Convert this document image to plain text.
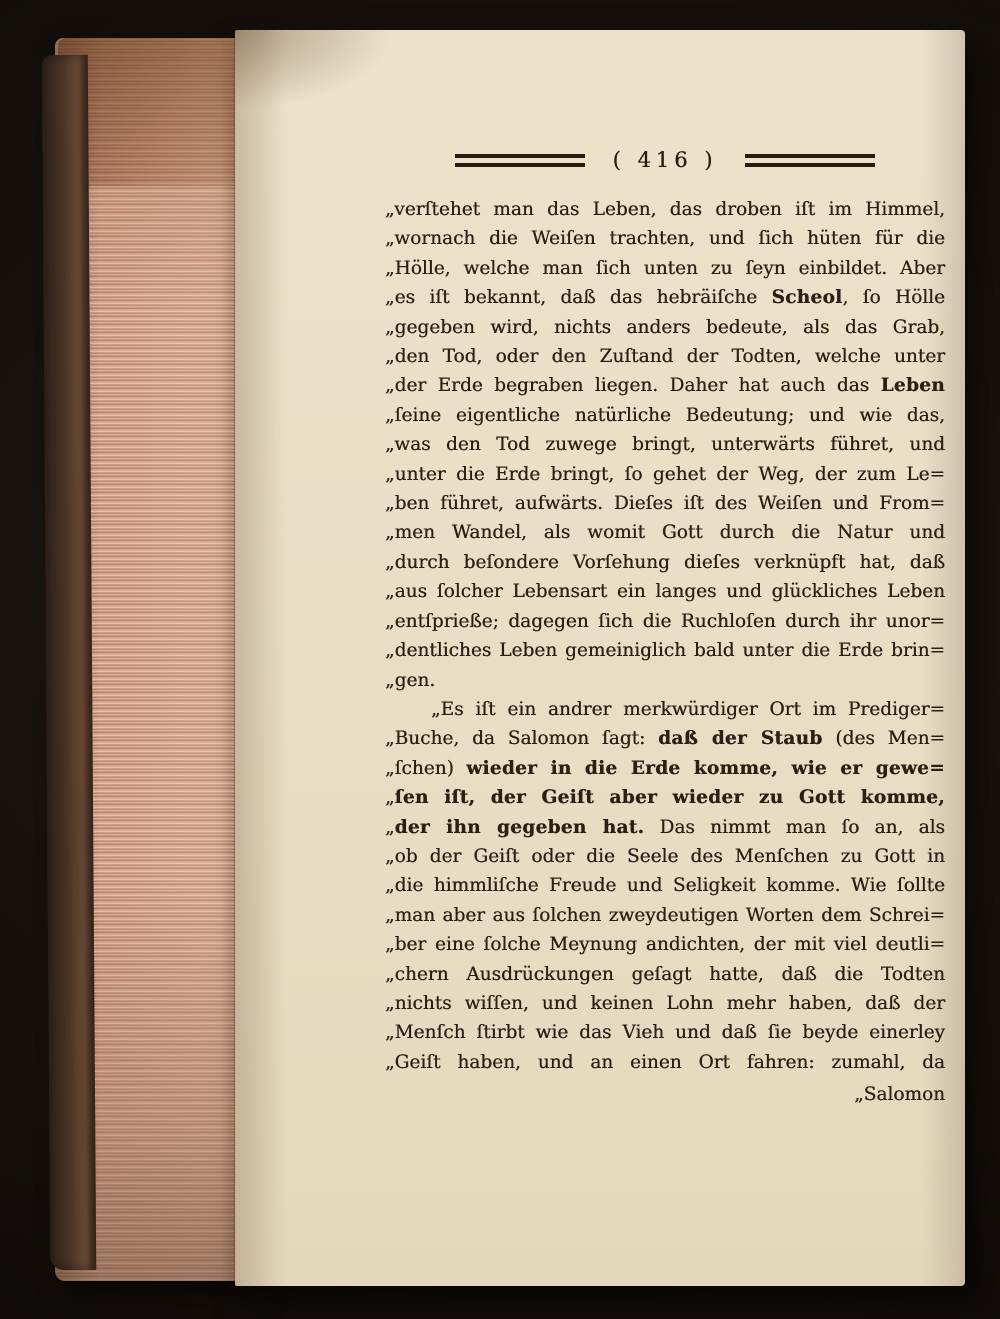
( 416 )
„verſtehet man das Leben, das droben iſt im Himmel,
„wornach die Weiſen trachten, und ſich hüten für die
„Hölle, welche man ſich unten zu ſeyn einbildet. Aber
„es iſt bekannt, daß das hebräiſche Scheol, ſo Hölle
„gegeben wird, nichts anders bedeute, als das Grab,
„den Tod, oder den Zuſtand der Todten, welche unter
„der Erde begraben liegen. Daher hat auch das Leben
„ſeine eigentliche natürliche Bedeutung; und wie das,
„was den Tod zuwege bringt, unterwärts führet, und
„unter die Erde bringt, ſo gehet der Weg, der zum Le=
„ben führet, aufwärts. Dieſes iſt des Weiſen und From=
„men Wandel, als womit Gott durch die Natur und
„durch beſondere Vorſehung dieſes verknüpft hat, daß
„aus ſolcher Lebensart ein langes und glückliches Leben
„entſprieße; dagegen ſich die Ruchloſen durch ihr unor=
„dentliches Leben gemeiniglich bald unter die Erde brin=
„gen.
„Es iſt ein andrer merkwürdiger Ort im Prediger=
„Buche, da Salomon ſagt: daß der Staub (des Men=
„ſchen) wieder in die Erde komme, wie er gewe=
„ſen iſt, der Geiſt aber wieder zu Gott komme,
„der ihn gegeben hat. Das nimmt man ſo an, als
„ob der Geiſt oder die Seele des Menſchen zu Gott in
„die himmliſche Freude und Seligkeit komme. Wie ſollte
„man aber aus ſolchen zweydeutigen Worten dem Schrei=
„ber eine ſolche Meynung andichten, der mit viel deutli=
„chern Ausdrückungen geſagt hatte, daß die Todten
„nichts wiſſen, und keinen Lohn mehr haben, daß der
„Menſch ſtirbt wie das Vieh und daß ſie beyde einerley
„Geiſt haben, und an einen Ort fahren: zumahl, da
„Salomon
